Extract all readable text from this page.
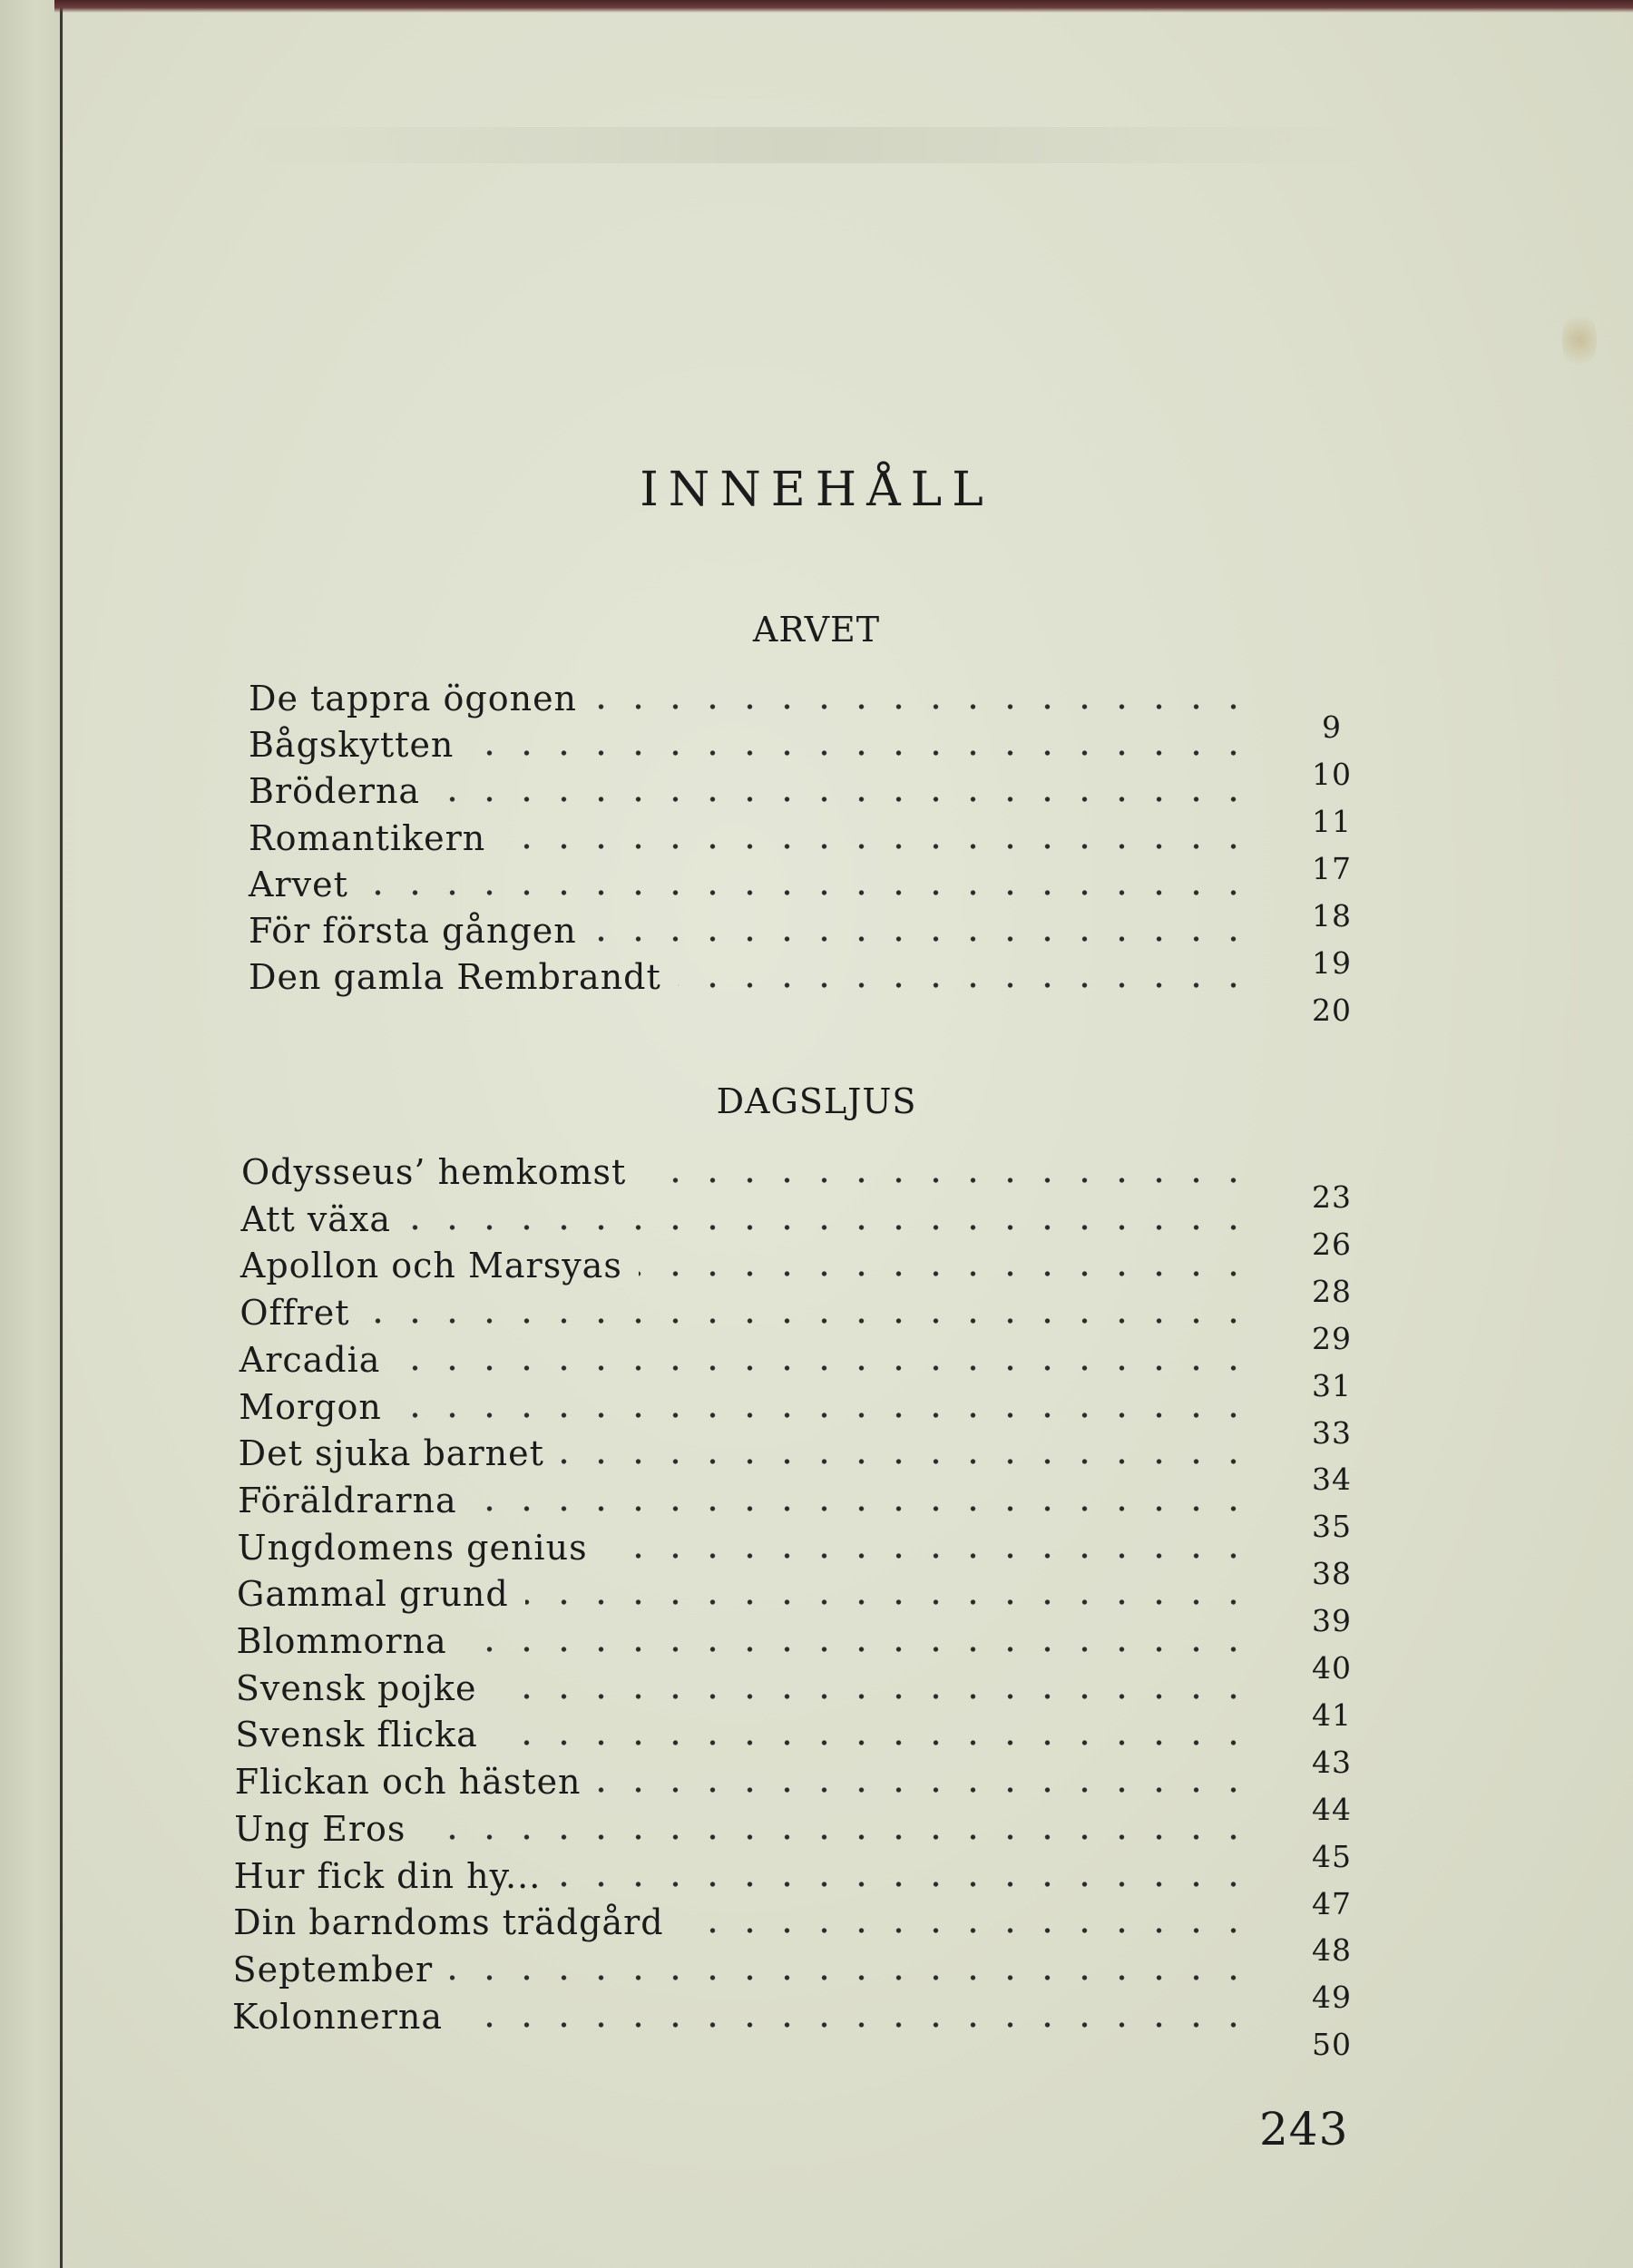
INNEHÅLL
ARVET
De tappra ögonen
9
Bågskytten
10
Bröderna
11
Romantikern
17
Arvet
18
För första gången
19
Den gamla Rembrandt
20
DAGSLJUS
Odysseus’ hemkomst
23
Att växa
26
Apollon och Marsyas
28
Offret
29
Arcadia
31
Morgon
33
Det sjuka barnet
34
Föräldrarna
35
Ungdomens genius
38
Gammal grund
39
Blommorna
40
Svensk pojke
41
Svensk flicka
43
Flickan och hästen
44
Ung Eros
45
Hur fick din hy...
47
Din barndoms trädgård
48
September
49
Kolonnerna
50
243
